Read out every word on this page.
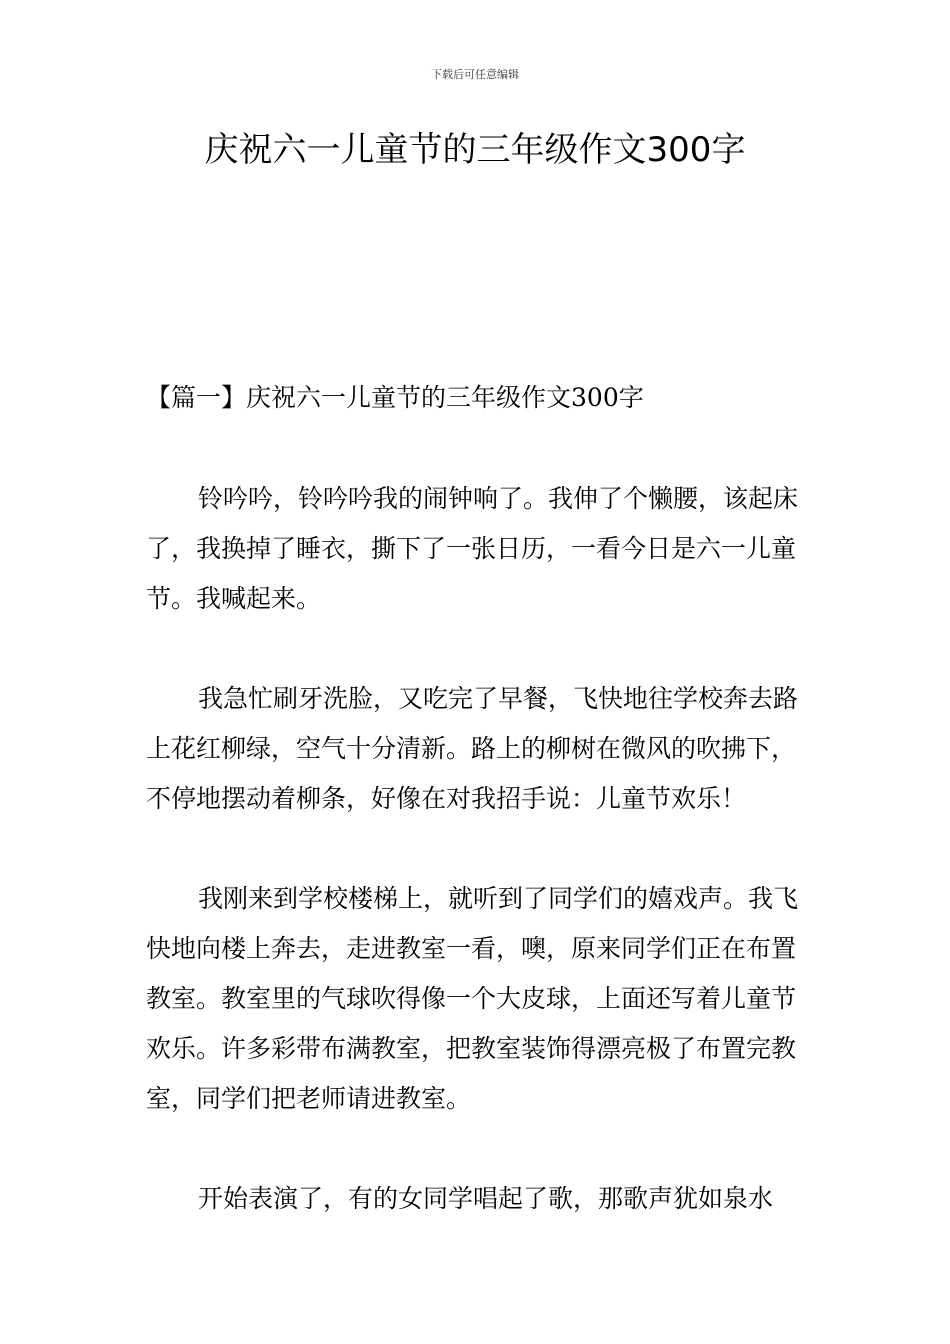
下载后可任意编辑
庆祝六一儿童节的三年级作文300字
【篇一】庆祝六一儿童节的三年级作文300字

铃吟吟，铃吟吟我的闹钟响了。我伸了个懒腰，该起床了，我换掉了睡衣，撕下了一张日历，一看今日是六一儿童节。我喊起来。

我急忙刷牙洗脸，又吃完了早餐，飞快地往学校奔去路上花红柳绿，空气十分清新。路上的柳树在微风的吹拂下，不停地摆动着柳条，好像在对我招手说：儿童节欢乐！

我刚来到学校楼梯上，就听到了同学们的嬉戏声。我飞快地向楼上奔去，走进教室一看，噢，原来同学们正在布置教室。教室里的气球吹得像一个大皮球，上面还写着儿童节欢乐。许多彩带布满教室，把教室装饰得漂亮极了布置完教室，同学们把老师请进教室。

开始表演了，有的女同学唱起了歌，那歌声犹如泉水
